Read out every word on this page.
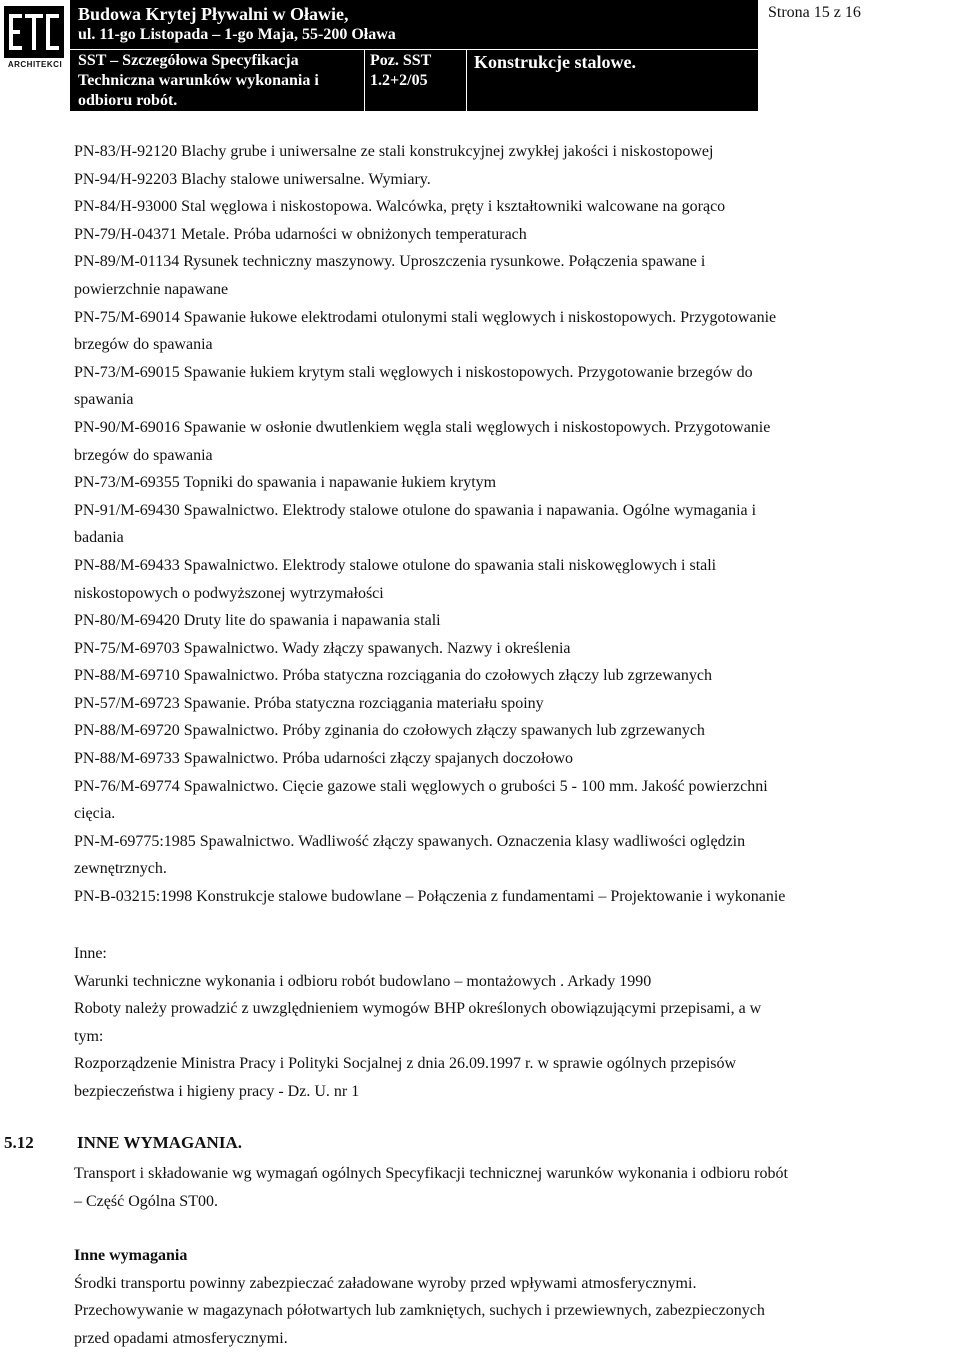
ARCHITEKCI
Budowa Krytej Pływalni w Oławie,
ul. 11-go Listopada – 1-go Maja, 55-200 Oława
SST – Szczegółowa Specyfikacja
Techniczna warunków wykonania i
odbioru robót.
Poz. SST
1.2+2/05
Konstrukcje stalowe.
Strona 15 z 16

PN-83/H-92120 Blachy grube i uniwersalne ze stali konstrukcyjnej zwykłej jakości i niskostopowej

PN-94/H-92203 Blachy stalowe uniwersalne. Wymiary.

PN-84/H-93000 Stal węglowa i niskostopowa. Walcówka, pręty i kształtowniki walcowane na gorąco

PN-79/H-04371 Metale. Próba udarności w obniżonych temperaturach

PN-89/M-01134 Rysunek techniczny maszynowy. Uproszczenia rysunkowe. Połączenia spawane i

powierzchnie napawane

PN-75/M-69014 Spawanie łukowe elektrodami otulonymi stali węglowych i niskostopowych. Przygotowanie

brzegów do spawania

PN-73/M-69015 Spawanie łukiem krytym stali węglowych i niskostopowych. Przygotowanie brzegów do

spawania

PN-90/M-69016 Spawanie w osłonie dwutlenkiem węgla stali węglowych i niskostopowych. Przygotowanie

brzegów do spawania

PN-73/M-69355 Topniki do spawania i napawanie łukiem krytym

PN-91/M-69430 Spawalnictwo. Elektrody stalowe otulone do spawania i napawania. Ogólne wymagania i

badania

PN-88/M-69433 Spawalnictwo. Elektrody stalowe otulone do spawania stali niskowęglowych i stali

niskostopowych o podwyższonej wytrzymałości

PN-80/M-69420 Druty lite do spawania i napawania stali

PN-75/M-69703 Spawalnictwo. Wady złączy spawanych. Nazwy i określenia

PN-88/M-69710 Spawalnictwo. Próba statyczna rozciągania do czołowych złączy lub zgrzewanych

PN-57/M-69723 Spawanie. Próba statyczna rozciągania materiału spoiny

PN-88/M-69720 Spawalnictwo. Próby zginania do czołowych złączy spawanych lub zgrzewanych

PN-88/M-69733 Spawalnictwo. Próba udarności złączy spajanych doczołowo

PN-76/M-69774 Spawalnictwo. Cięcie gazowe stali węglowych o grubości 5 - 100 mm. Jakość powierzchni

cięcia.

PN-M-69775:1985 Spawalnictwo. Wadliwość złączy spawanych. Oznaczenia klasy wadliwości oględzin

zewnętrznych.

PN-B-03215:1998 Konstrukcje stalowe budowlane – Połączenia z fundamentami – Projektowanie i wykonanie

Inne:

Warunki techniczne wykonania i odbioru robót budowlano – montażowych . Arkady 1990

Roboty należy prowadzić z uwzględnieniem wymogów BHP określonych obowiązującymi przepisami, a w

tym:

Rozporządzenie Ministra Pracy i Polityki Socjalnej z dnia 26.09.1997 r. w sprawie ogólnych przepisów

bezpieczeństwa i higieny pracy - Dz. U. nr 1

5.12	INNE WYMAGANIA.

Transport i składowanie wg wymagań ogólnych Specyfikacji technicznej warunków wykonania i odbioru robót

– Część Ogólna ST00.

Inne wymagania

Środki transportu powinny zabezpieczać załadowane wyroby przed wpływami atmosferycznymi.

Przechowywanie w magazynach półotwartych lub zamkniętych, suchych i przewiewnych, zabezpieczonych

przed opadami atmosferycznymi.
